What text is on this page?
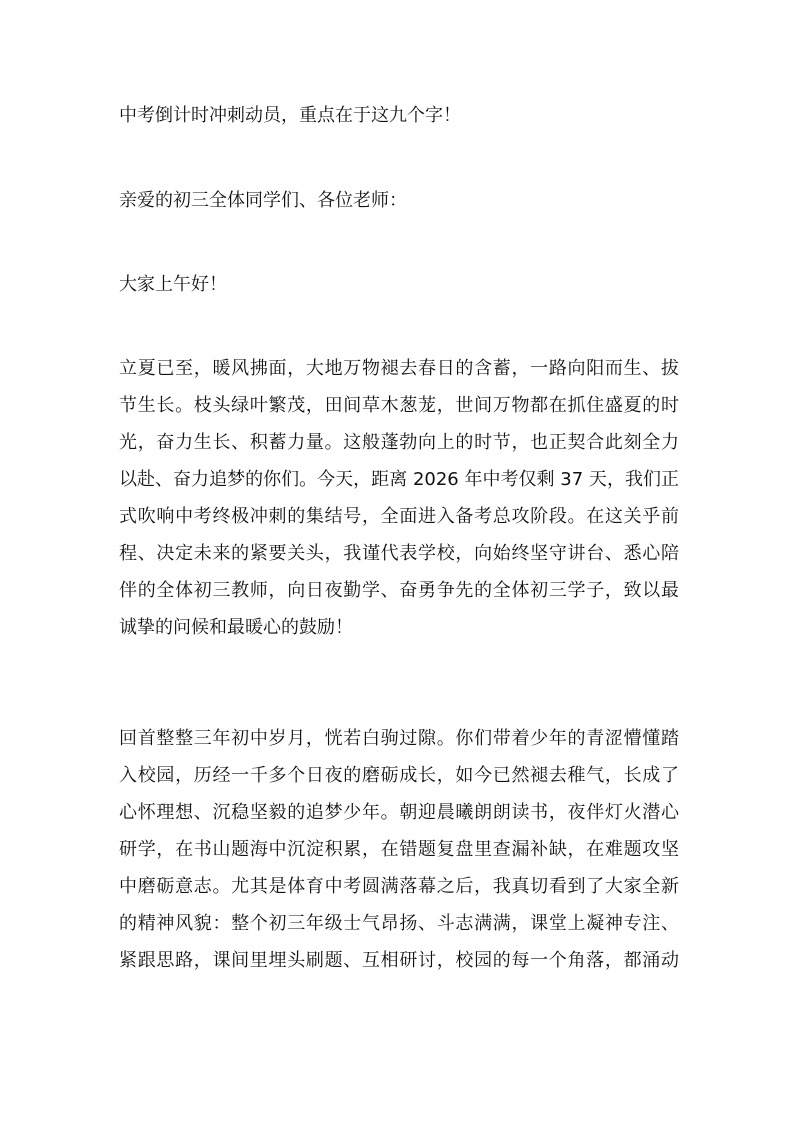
中考倒计时冲刺动员，重点在于这九个字！

亲爱的初三全体同学们、各位老师：

大家上午好！

立夏已至，暖风拂面，大地万物褪去春日的含蓄，一路向阳而生、拔
节生长。枝头绿叶繁茂，田间草木葱茏，世间万物都在抓住盛夏的时
光，奋力生长、积蓄力量。这般蓬勃向上的时节，也正契合此刻全力
以赴、奋力追梦的你们。今天，距离 2026 年中考仅剩 37 天，我们正
式吹响中考终极冲刺的集结号，全面进入备考总攻阶段。在这关乎前
程、决定未来的紧要关头，我谨代表学校，向始终坚守讲台、悉心陪
伴的全体初三教师，向日夜勤学、奋勇争先的全体初三学子，致以最
诚挚的问候和最暖心的鼓励！
回首整整三年初中岁月，恍若白驹过隙。你们带着少年的青涩懵懂踏
入校园，历经一千多个日夜的磨砺成长，如今已然褪去稚气，长成了
心怀理想、沉稳坚毅的追梦少年。朝迎晨曦朗朗读书，夜伴灯火潜心
研学，在书山题海中沉淀积累，在错题复盘里查漏补缺，在难题攻坚
中磨砺意志。尤其是体育中考圆满落幕之后，我真切看到了大家全新
的精神风貌：整个初三年级士气昂扬、斗志满满，课堂上凝神专注、
紧跟思路，课间里埋头刷题、互相研讨，校园的每一个角落，都涌动
